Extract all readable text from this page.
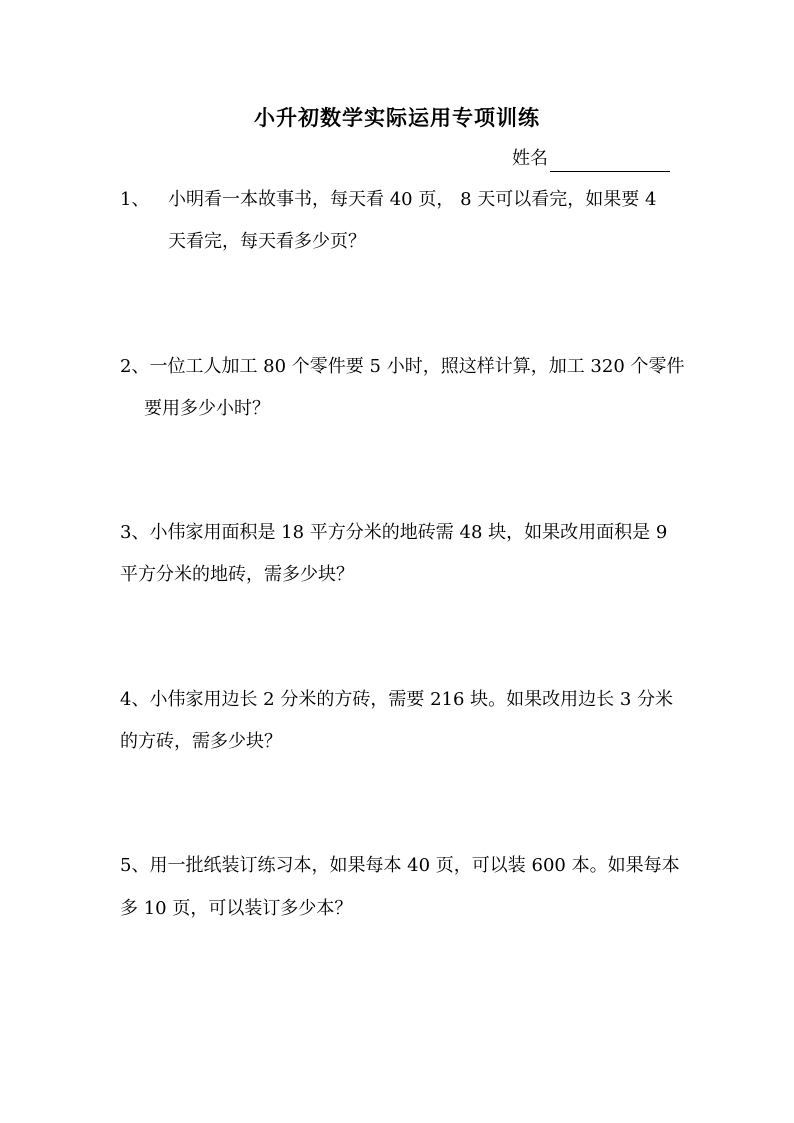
小升初数学实际运用专项训练
姓名
1、 小明看一本故事书，每天看 40 页， 8 天可以看完，如果要 4
天看完，每天看多少页？
2、一位工人加工 80 个零件要 5 小时，照这样计算，加工 320 个零件
要用多少小时？
3、小伟家用面积是 18 平方分米的地砖需 48 块，如果改用面积是 9
平方分米的地砖，需多少块？
4、小伟家用边长 2 分米的方砖，需要 216 块。如果改用边长 3 分米
的方砖，需多少块？
5、用一批纸装订练习本，如果每本 40 页，可以装 600 本。如果每本
多 10 页，可以装订多少本？
